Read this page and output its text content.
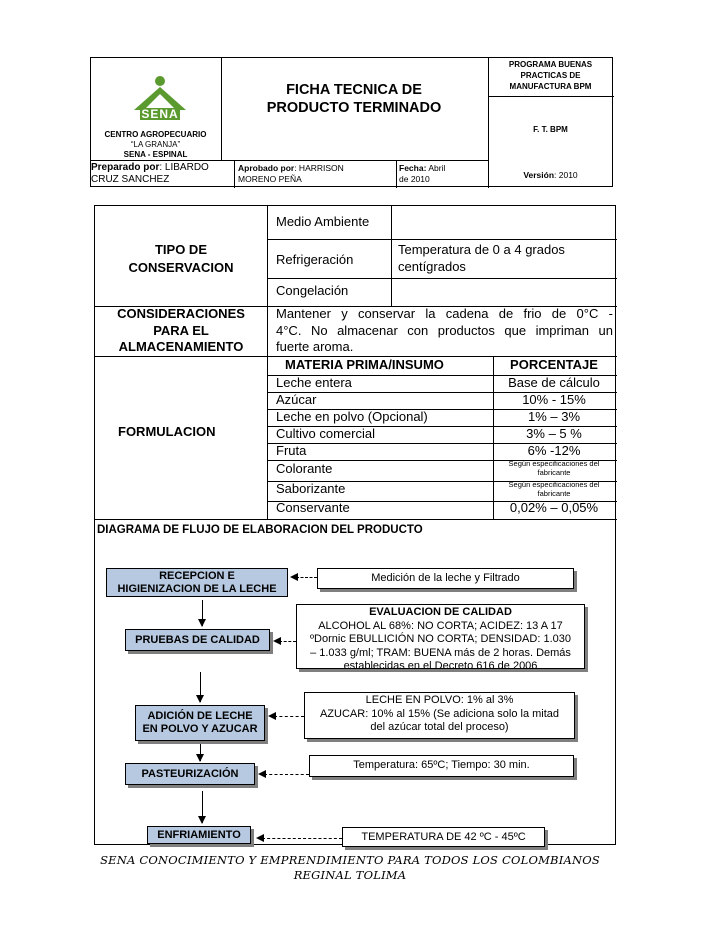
SENA
CENTRO AGROPECUARIO
“LA GRANJA”
SENA - ESPINAL
FICHA TECNICA DE
PRODUCTO TERMINADO
PROGRAMA BUENAS
PRACTICAS DE
MANUFACTURA BPM
F. T. BPM
Preparado por: LIBARDO
CRUZ SANCHEZ
Aprobado por: HARRISON
MORENO PEÑA
Fecha: Abril
de 2010	Versión: 2010
TIPO DE
CONSERVACION
Medio Ambiente
Refrigeración
Temperatura de 0 a 4 grados
centígrados
Congelación
CONSIDERACIONES
PARA EL
ALMACENAMIENTO
Mantener y conservar la cadena de frio de 0°C -
4°C. No almacenar con productos que impriman un
fuerte aroma.
FORMULACION
MATERIA PRIMA/INSUMO	PORCENTAJE
Leche entera
Azúcar
Leche en polvo (Opcional)
Cultivo comercial
Fruta
Colorante
Saborizante
Conservante
Base de cálculo
10% - 15%
1% – 3%
3% – 5 %
6% -12%
Según especificaciones del
fabricante
Según especificaciones del
fabricante
0,02% – 0,05%
DIAGRAMA DE FLUJO DE ELABORACION DEL PRODUCTO
RECEPCION E
HIGIENIZACION DE LA LECHE
PRUEBAS DE CALIDAD
ADICIÓN DE LECHE
EN POLVO Y AZUCAR
PASTEURIZACIÓN
ENFRIAMIENTO
Medición de la leche y Filtrado
EVALUACION DE CALIDAD
ALCOHOL AL 68%: NO CORTA; ACIDEZ: 13 A 17
ºDornic EBULLICIÓN NO CORTA; DENSIDAD: 1.030
– 1.033 g/ml; TRAM: BUENA más de 2 horas. Demás
establecidas en el Decreto 616 de 2006
LECHE EN POLVO: 1% al 3%
AZUCAR: 10% al 15% (Se adiciona solo la mitad
del azúcar total del proceso)
Temperatura: 65ºC; Tiempo: 30 min.
TEMPERATURA DE 42 ºC - 45ºC
SENA CONOCIMIENTO Y EMPRENDIMIENTO PARA TODOS LOS COLOMBIANOS
REGINAL TOLIMA
